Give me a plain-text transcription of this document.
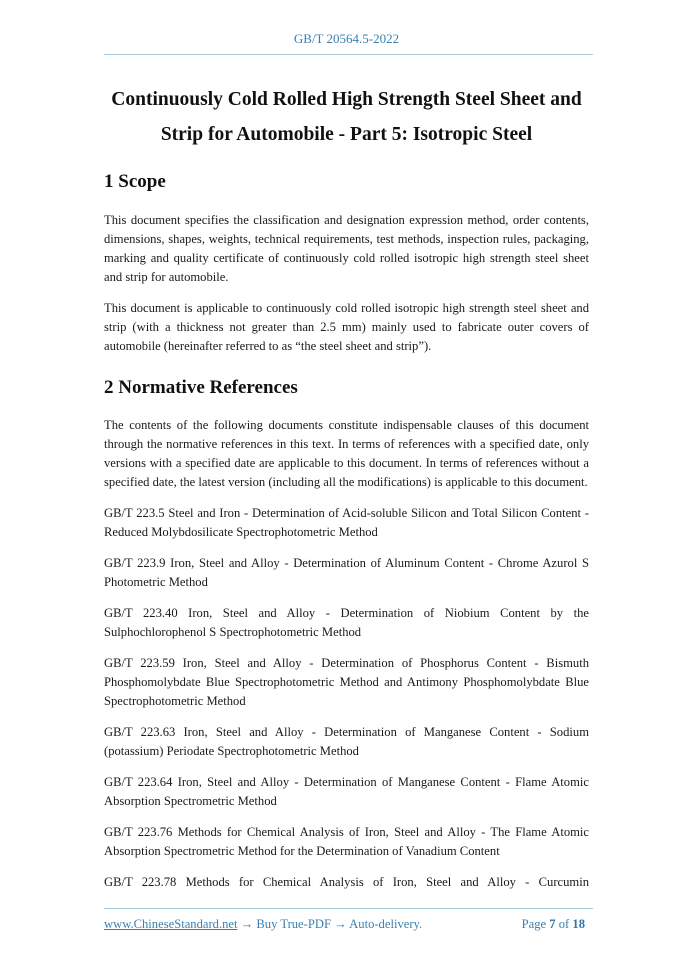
GB/T 20564.5-2022
Continuously Cold Rolled High Strength Steel Sheet and
Strip for Automobile - Part 5: Isotropic Steel
1 Scope

This document specifies the classification and designation expression method, order contents, dimensions, shapes, weights, technical requirements, test methods, inspection rules, packaging, marking and quality certificate of continuously cold rolled isotropic high strength steel sheet and strip for automobile.

This document is applicable to continuously cold rolled isotropic high strength steel sheet and strip (with a thickness not greater than 2.5 mm) mainly used to fabricate outer covers of automobile (hereinafter referred to as “the steel sheet and strip”).

2 Normative References

The contents of the following documents constitute indispensable clauses of this document through the normative references in this text. In terms of references with a specified date, only versions with a specified date are applicable to this document. In terms of references without a specified date, the latest version (including all the modifications) is applicable to this document.

GB/T 223.5 Steel and Iron - Determination of Acid-soluble Silicon and Total Silicon Content - Reduced Molybdosilicate Spectrophotometric Method

GB/T 223.9 Iron, Steel and Alloy - Determination of Aluminum Content - Chrome Azurol S Photometric Method

GB/T 223.40 Iron, Steel and Alloy - Determination of Niobium Content by the Sulphochlorophenol S Spectrophotometric Method

GB/T 223.59 Iron, Steel and Alloy - Determination of Phosphorus Content - Bismuth Phosphomolybdate Blue Spectrophotometric Method and Antimony Phosphomolybdate Blue Spectrophotometric Method

GB/T 223.63 Iron, Steel and Alloy - Determination of Manganese Content - Sodium (potassium) Periodate Spectrophotometric Method

GB/T 223.64 Iron, Steel and Alloy - Determination of Manganese Content - Flame Atomic Absorption Spectrometric Method

GB/T 223.76 Methods for Chemical Analysis of Iron, Steel and Alloy - The Flame Atomic Absorption Spectrometric Method for the Determination of Vanadium Content

GB/T 223.78 Methods for Chemical Analysis of Iron, Steel and Alloy - Curcumin

www.ChineseStandard.net → Buy True-PDF → Auto-delivery.	Page 7 of 18
